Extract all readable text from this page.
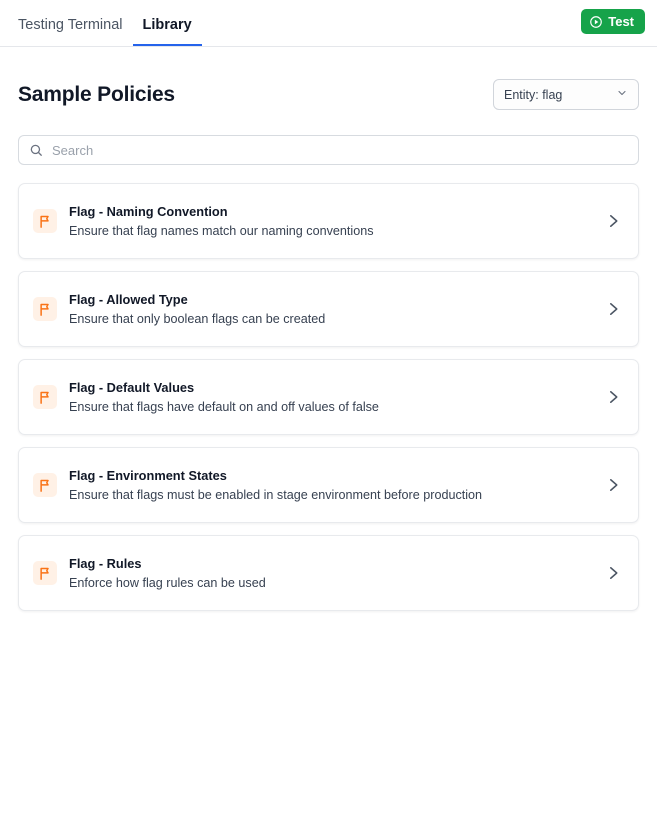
Testing Terminal	Library	Test
Sample Policies	Entity: flag
Search
Flag - Naming Convention
Ensure that flag names match our naming conventions
Flag - Allowed Type
Ensure that only boolean flags can be created
Flag - Default Values
Ensure that flags have default on and off values of false
Flag - Environment States
Ensure that flags must be enabled in stage environment before production
Flag - Rules
Enforce how flag rules can be used
